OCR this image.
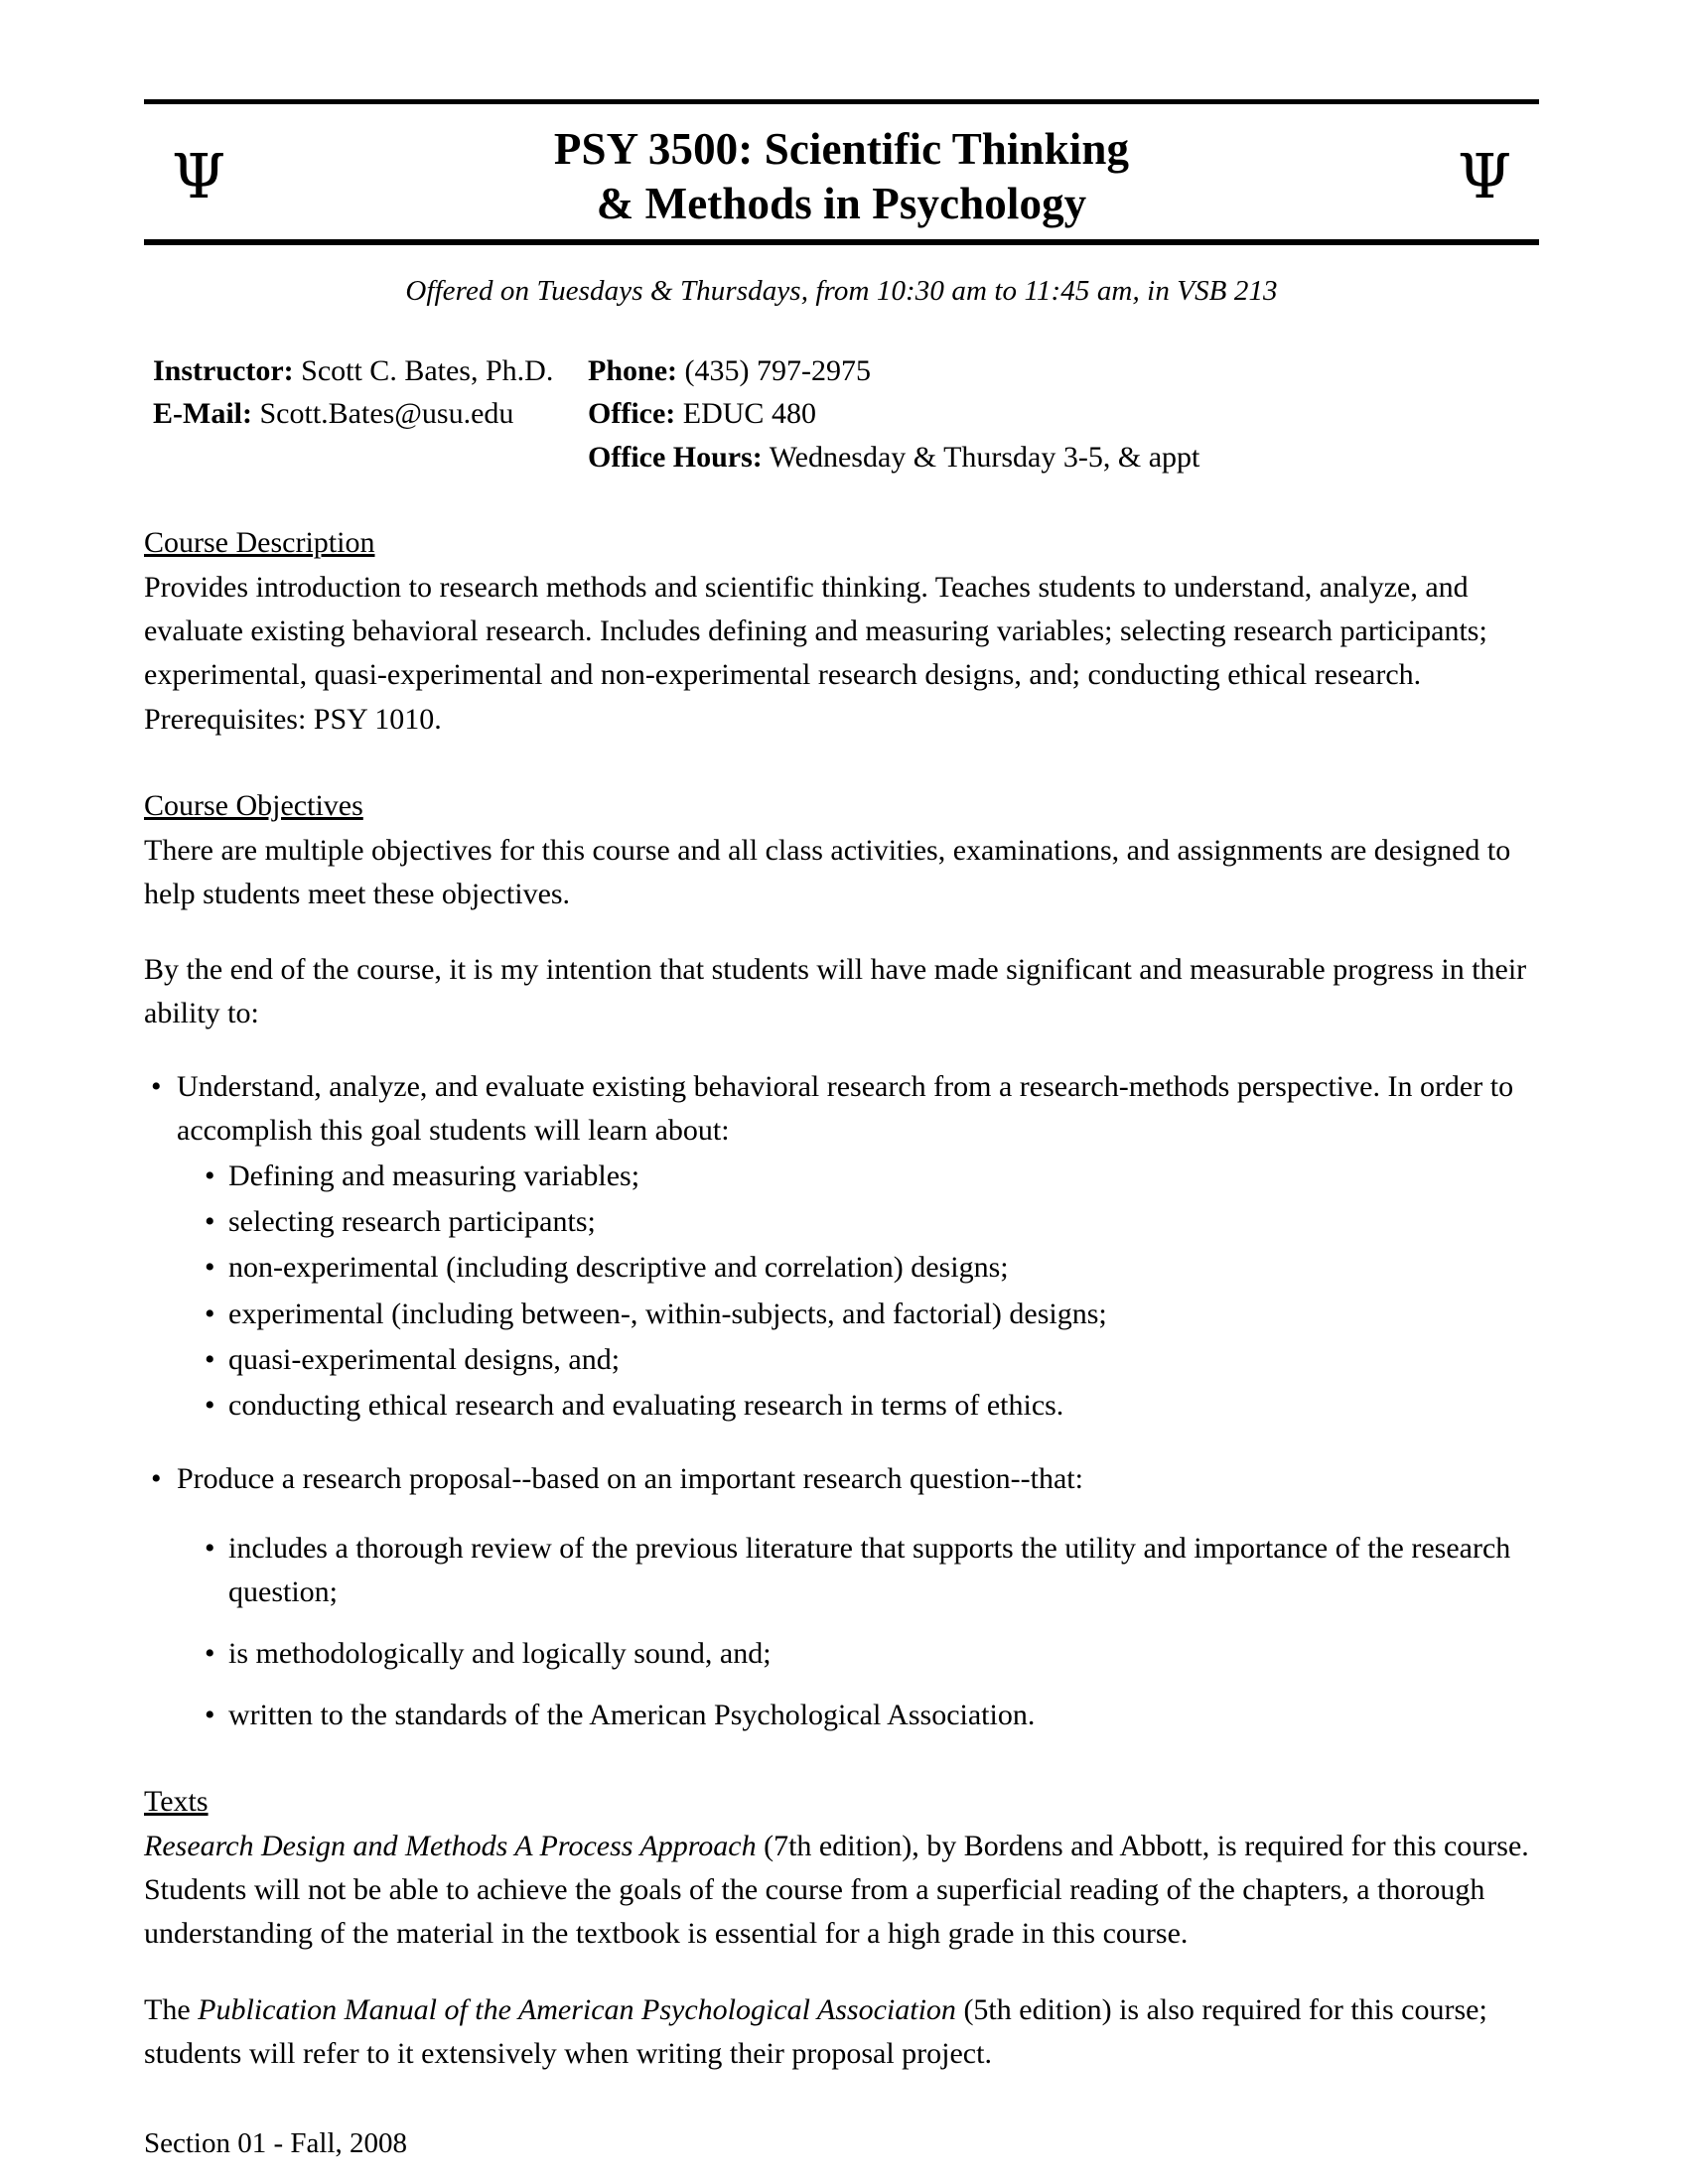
Ψ	PSY 3500: Scientific Thinking
& Methods in Psychology	Ψ
Offered on Tuesdays & Thursdays, from 10:30 am to 11:45 am, in VSB 213
Instructor: Scott C. Bates, Ph.D.
E-Mail: Scott.Bates@usu.edu
Phone: (435) 797-2975
Office: EDUC 480
Office Hours: Wednesday & Thursday 3-5, & appt
Course Description

Provides introduction to research methods and scientific thinking. Teaches students to understand, analyze, and evaluate existing behavioral research. Includes defining and measuring variables; selecting research participants; experimental, quasi-experimental and non-experimental research designs, and; conducting ethical research. Prerequisites: PSY 1010.

Course Objectives

There are multiple objectives for this course and all class activities, examinations, and assignments are designed to help students meet these objectives.

By the end of the course, it is my intention that students will have made significant and measurable progress in their ability to:

• Understand, analyze, and evaluate existing behavioral research from a research-methods perspective. In order to accomplish this goal students will learn about:
• Defining and measuring variables;
• selecting research participants;
• non-experimental (including descriptive and correlation) designs;
• experimental (including between-, within-subjects, and factorial) designs;
• quasi-experimental designs, and;
• conducting ethical research and evaluating research in terms of ethics.
• Produce a research proposal--based on an important research question--that:
• includes a thorough review of the previous literature that supports the utility and importance of the research question;
• is methodologically and logically sound, and;
• written to the standards of the American Psychological Association.
Texts

Research Design and Methods A Process Approach (7th edition), by Bordens and Abbott, is required for this course. Students will not be able to achieve the goals of the course from a superficial reading of the chapters, a thorough understanding of the material in the textbook is essential for a high grade in this course.

The Publication Manual of the American Psychological Association (5th edition) is also required for this course; students will refer to it extensively when writing their proposal project.

Section 01 - Fall, 2008
